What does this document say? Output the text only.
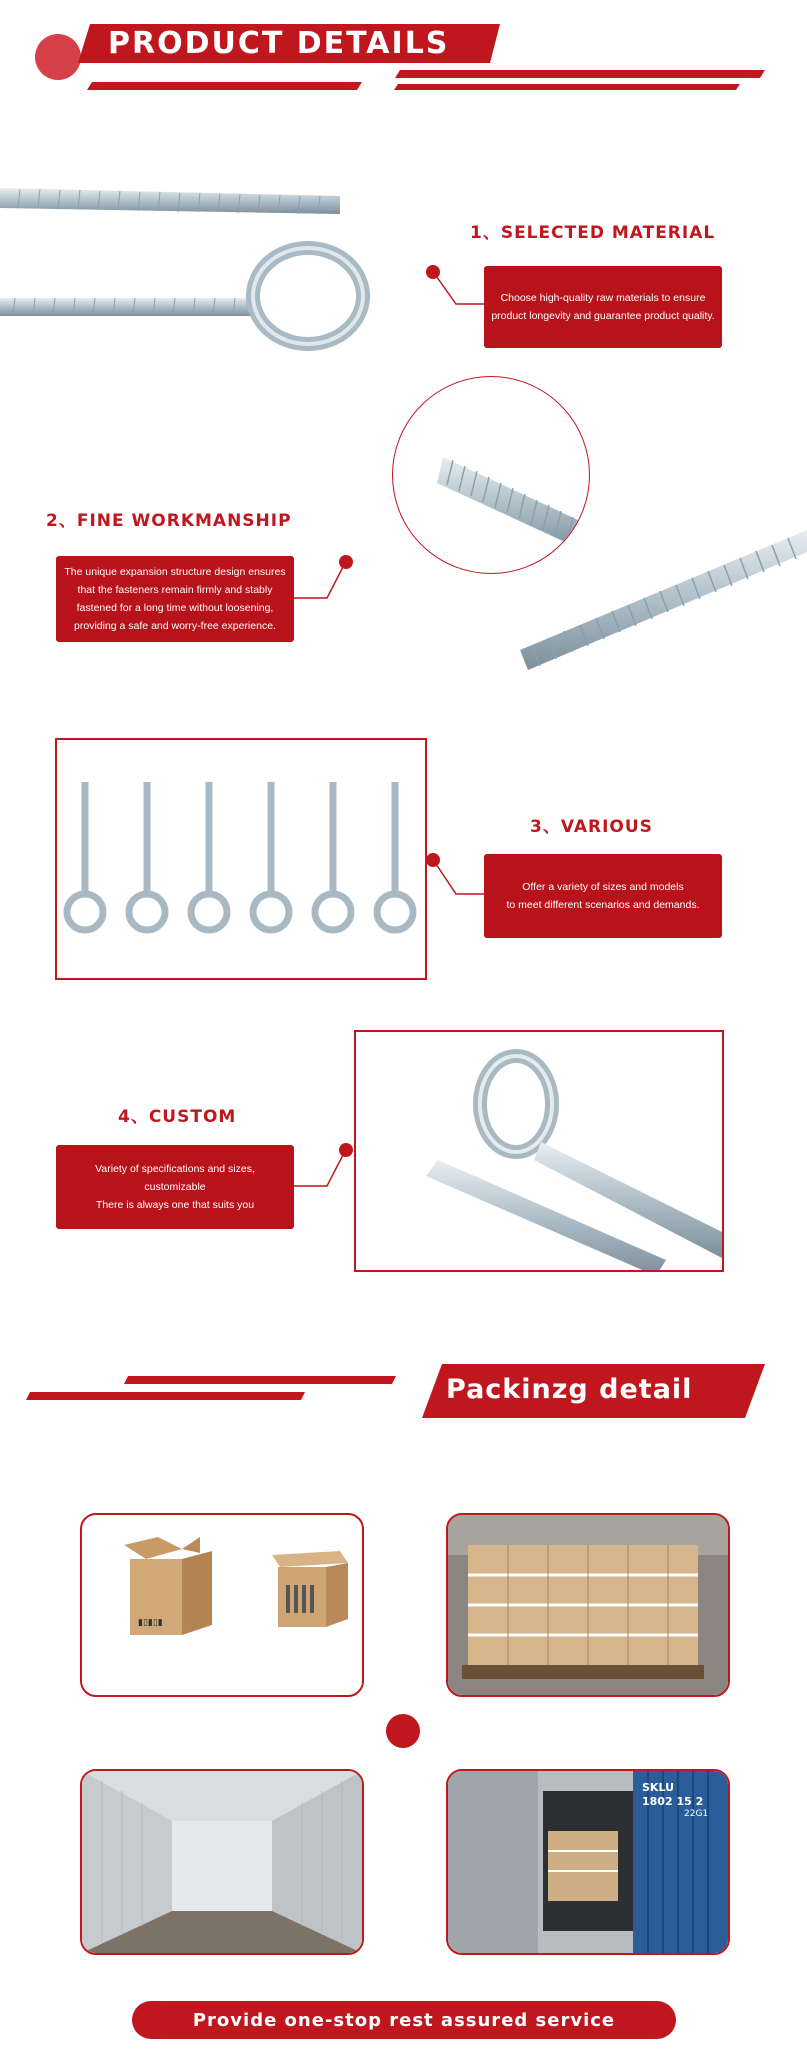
PRODUCT DETAILS
1、SELECTED MATERIAL
Choose high-quality raw materials to ensure
product longevity and guarantee product quality.
2、FINE WORKMANSHIP
The unique expansion structure design ensures
that the fasteners remain firmly and stably
fastened for a long time without loosening,
providing a safe and worry-free experience.
3、VARIOUS
Offer a variety of sizes and models
to meet different scenarios and demands.
4、CUSTOM
Variety of specifications and sizes,
customizable
There is always one that suits you
Packinzg detail
▮▯▮▯▮
SKLU
1802 15 2
22G1
Provide one-stop rest assured service
